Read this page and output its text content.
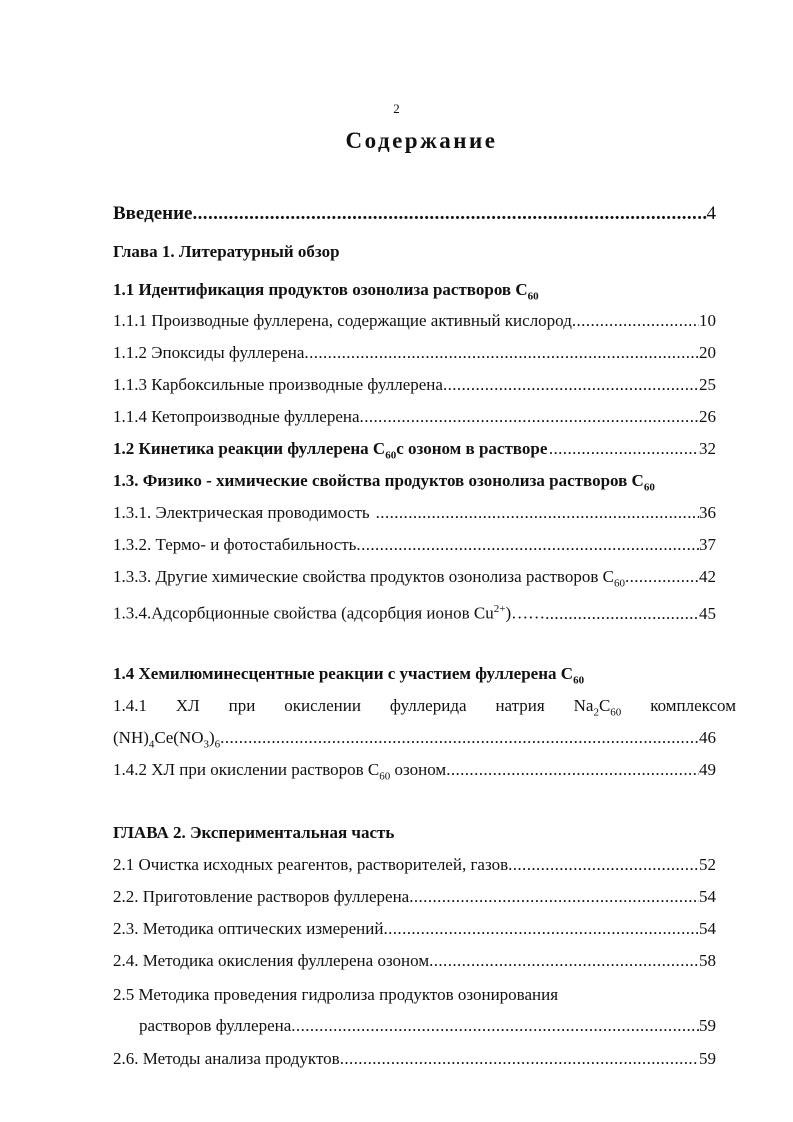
2
Содержание
Введение .....	4
Глава 1. Литературный обзор
1.1 Идентификация продуктов озонолиза растворов $С_{60}$
1.1.1 Производные фуллерена, содержащие активный кислород .....	10
1.1.2 Эпоксиды фуллерена .....	20
1.1.3 Карбоксильные производные фуллерена .....	25
1.1.4 Кетопроизводные фуллерена .....	26
1.2 Кинетика реакции фуллерена $С_{60}с$ озоном в растворе .....	32
1.3. Физико - химические свойства продуктов озонолиза растворов $С_{60}$
1.3.1. Электрическая проводимость .....	36
1.3.2. Термо- и фотостабильность .....	37
1.3.3. Другие химические свойства продуктов озонолиза растворов $С_{60}$ .....	42
1.3.4.Адсорбционные свойства (адсорбция ионов $Cu^{2+})\dots\dots$ .....	45
1.4 Хемилюминесцентные реакции с участием фуллерена $С_{60}$
1.4.1 ХЛ при окислении фуллерида натрия $Na_2C_{60}$ комплексом
$(NH)_4Ce(NO_3)_6$ .....	46
1.4.2 ХЛ при окислении растворов $С_{60}$ озоном .....	49
ГЛАВА 2. Экспериментальная часть
2.1 Очистка исходных реагентов, растворителей, газов .....	52
2.2. Приготовление растворов фуллерена .....	54
2.3. Методика оптических измерений .....	54
2.4. Методика окисления фуллерена озоном .....	58
2.5 Методика проведения гидролиза продуктов озонирования
растворов фуллерена .....	59
2.6. Методы анализа продуктов .....	59
